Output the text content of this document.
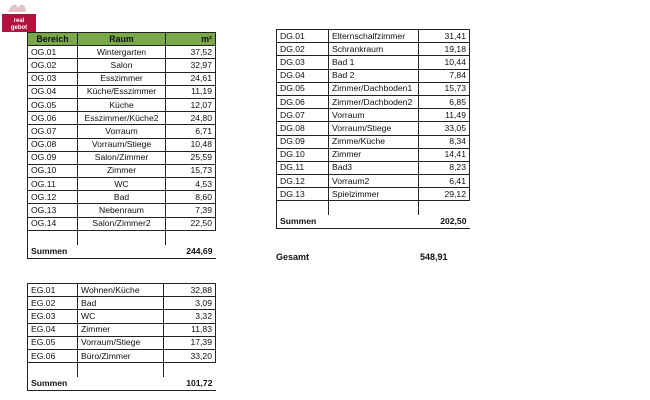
real
gebot
Bereich	Raum	m²
OG.01	Wintergarten	37,52
OG.02	Salon	32,97
OG.03	Esszimmer	24,61
OG.04	Küche/Esszimmer	11,19
OG.05	Küche	12,07
OG.06	Esszimmer/Küche2	24,80
OG.07	Vorraum	6,71
OG.08	Vorraum/Stiege	10,48
OG.09	Salon/Zimmer	25,59
OG.10	Zimmer	15,73
OG.11	WC	4,53
OG.12	Bad	8,60
OG.13	Nebenraum	7,39
OG.14	Salon/Zimmer2	22,50

Summen		244,69
DG.01	Elternschalfzimmer	31,41
DG.02	Schrankraum	19,18
DG.03	Bad 1	10,44
DG.04	Bad 2	7,84
DG.05	Zimmer/Dachboden1	15,73
DG.06	Zimmer/Dachboden2	6,85
DG.07	Vorraum	11,49
DG.08	Vorraum/Stiege	33,05
DG.09	Zimme/Küche	8,34
DG.10	Zimmer	14,41
DG.11	Bad3	8,23
DG.12	Vorraum2	6,41
DG.13	Spielzimmer	29,12

Summen		202,50
EG.01	Wohnen/Küche	32,88
EG.02	Bad	3,09
EG.03	WC	3,32
EG.04	Zimmer	11,83
EG.05	Vorraum/Stiege	17,39
EG.06	Büro/Zimmer	33,20

Summen		101,72
Gesamt	548,91
